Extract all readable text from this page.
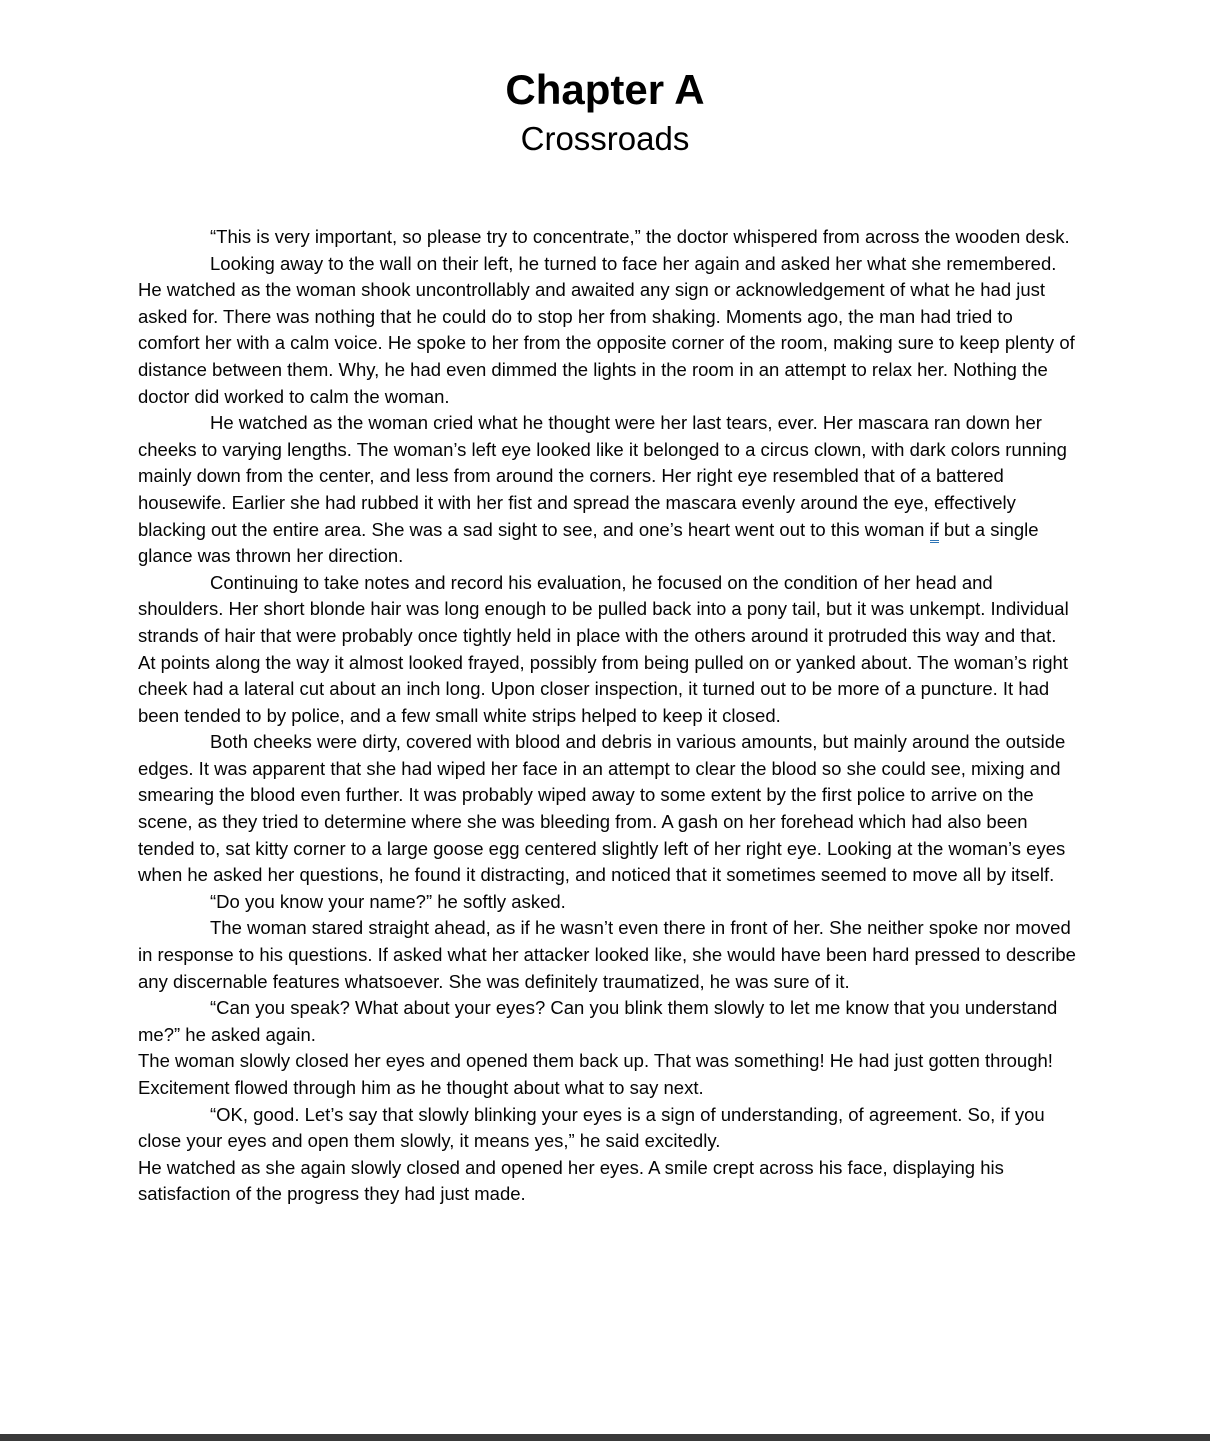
Chapter A
Crossroads

“This is very important, so please try to concentrate,” the doctor whispered from across the wooden desk.

Looking away to the wall on their left, he turned to face her again and asked her what she remembered. He watched as the woman shook uncontrollably and awaited any sign or acknowledgement of what he had just asked for. There was nothing that he could do to stop her from shaking. Moments ago, the man had tried to comfort her with a calm voice. He spoke to her from the opposite corner of the room, making sure to keep plenty of distance between them. Why, he had even dimmed the lights in the room in an attempt to relax her. Nothing the doctor did worked to calm the woman.

He watched as the woman cried what he thought were her last tears, ever. Her mascara ran down her cheeks to varying lengths. The woman’s left eye looked like it belonged to a circus clown, with dark colors running mainly down from the center, and less from around the corners. Her right eye resembled that of a battered housewife. Earlier she had rubbed it with her fist and spread the mascara evenly around the eye, effectively blacking out the entire area. She was a sad sight to see, and one’s heart went out to this woman if but a single glance was thrown her direction.

Continuing to take notes and record his evaluation, he focused on the condition of her head and shoulders. Her short blonde hair was long enough to be pulled back into a pony tail, but it was unkempt. Individual strands of hair that were probably once tightly held in place with the others around it protruded this way and that. At points along the way it almost looked frayed, possibly from being pulled on or yanked about. The woman’s right cheek had a lateral cut about an inch long. Upon closer inspection, it turned out to be more of a puncture. It had been tended to by police, and a few small white strips helped to keep it closed.

Both cheeks were dirty, covered with blood and debris in various amounts, but mainly around the outside edges. It was apparent that she had wiped her face in an attempt to clear the blood so she could see, mixing and smearing the blood even further. It was probably wiped away to some extent by the first police to arrive on the scene, as they tried to determine where she was bleeding from. A gash on her forehead which had also been tended to, sat kitty corner to a large goose egg centered slightly left of her right eye. Looking at the woman’s eyes when he asked her questions, he found it distracting, and noticed that it sometimes seemed to move all by itself.

“Do you know your name?” he softly asked.

The woman stared straight ahead, as if he wasn’t even there in front of her. She neither spoke nor moved in response to his questions. If asked what her attacker looked like, she would have been hard pressed to describe any discernable features whatsoever. She was definitely traumatized, he was sure of it.

“Can you speak? What about your eyes? Can you blink them slowly to let me know that you understand me?” he asked again.

The woman slowly closed her eyes and opened them back up. That was something! He had just gotten through! Excitement flowed through him as he thought about what to say next.

“OK, good. Let’s say that slowly blinking your eyes is a sign of understanding, of agreement. So, if you close your eyes and open them slowly, it means yes,” he said excitedly.

He watched as she again slowly closed and opened her eyes. A smile crept across his face, displaying his satisfaction of the progress they had just made.
